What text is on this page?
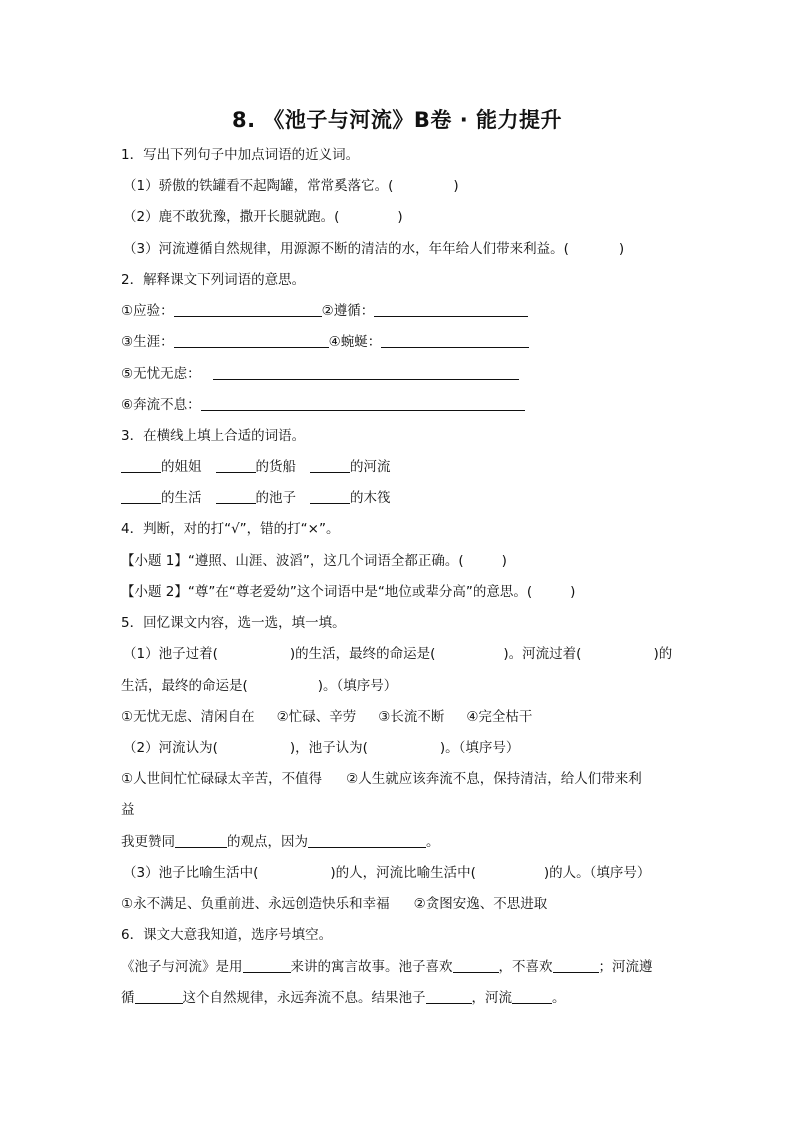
8. 《池子与河流》B卷 · 能力提升
1．写出下列句子中加点词语的近义词。
（1）骄傲的铁罐看不起陶罐，常常奚落它。(	)
（2）鹿不敢犹豫，撒开长腿就跑。(	)
（3）河流遵循自然规律，用源源不断的清洁的水，年年给人们带来利益。(	)
2．解释课文下列词语的意思。
①应验：	②遵循：
③生涯：	④蜿蜒：
⑤无忧无虑：
⑥奔流不息：
3．在横线上填上合适的词语。
的姐姐	的货船	的河流
的生活	的池子	的木筏
4．判断，对的打“√”，错的打“×”。
【小题 1】“遵照、山涯、波滔”，这几个词语全都正确。(	)
【小题 2】“尊”在“尊老爱幼”这个词语中是“地位或辈分高”的意思。(	)
5．回忆课文内容，选一选，填一填。
（1）池子过着(	)的生活，最终的命运是(	)。河流过着(	)的
生活，最终的命运是(	)。（填序号）
①无忧无虑、清闲自在 ②忙碌、辛劳 ③长流不断 ④完全枯干
（2）河流认为(	)，池子认为(	)。（填序号）
①人世间忙忙碌碌太辛苦，不值得 ②人生就应该奔流不息，保持清洁，给人们带来利
益
我更赞同	的观点，因为	。
（3）池子比喻生活中(	)的人，河流比喻生活中(	)的人。（填序号）
①永不满足、负重前进、永远创造快乐和幸福 ②贪图安逸、不思进取
6．课文大意我知道，选序号填空。
《池子与河流》是用	来讲的寓言故事。池子喜欢	，不喜欢	；河流遵
循	这个自然规律，永远奔流不息。结果池子	，河流	。
